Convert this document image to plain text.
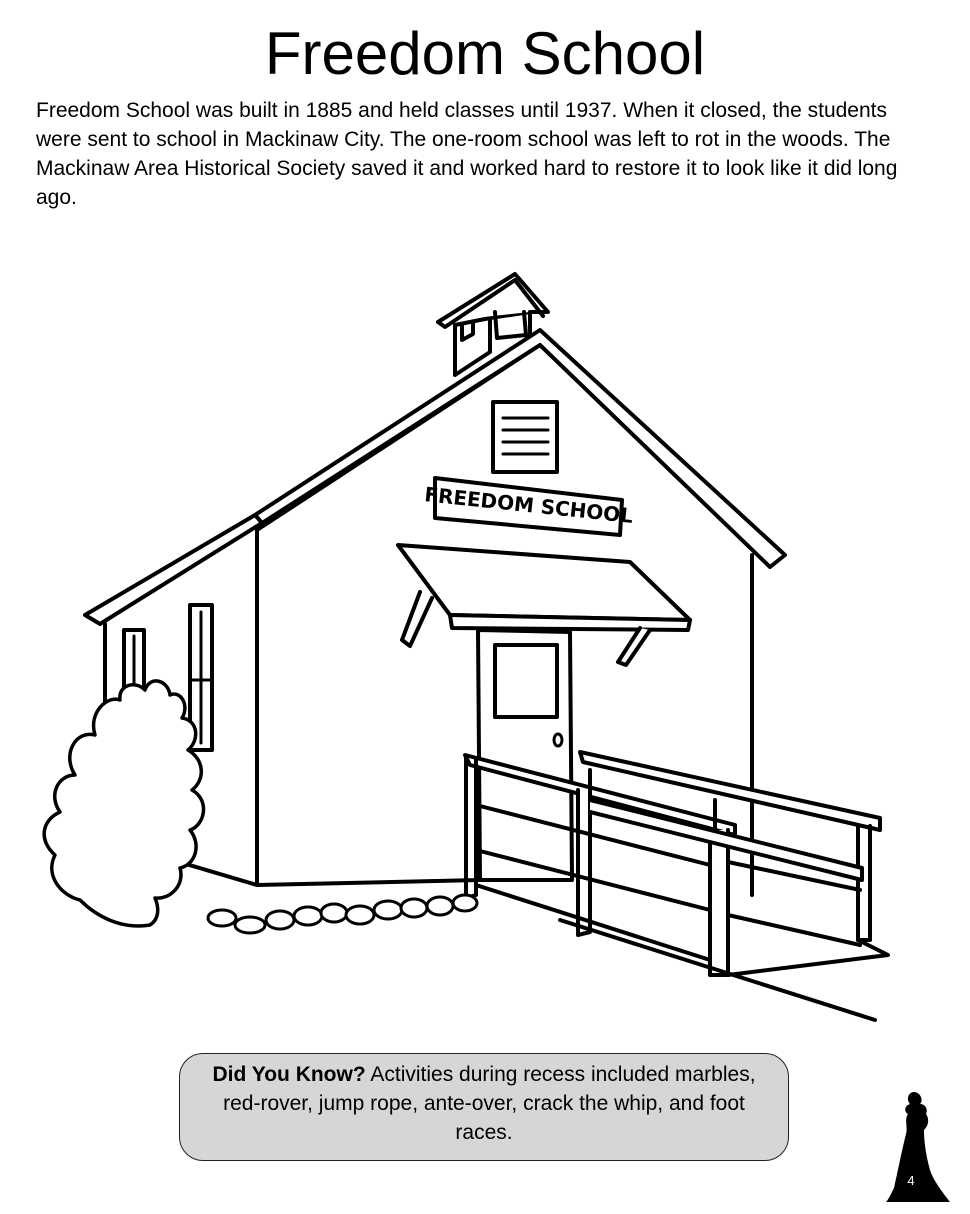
Freedom School
Freedom School was built in 1885 and held classes until 1937. When it closed, the students were sent to school in Mackinaw City. The one-room school was left to rot in the woods. The Mackinaw Area Historical Society saved it and worked hard to restore it to look like it did long ago.
FREEDOM SCHOOL
Did You Know? Activities during recess included marbles, red-rover, jump rope, ante-over, crack the whip, and foot races.
4
